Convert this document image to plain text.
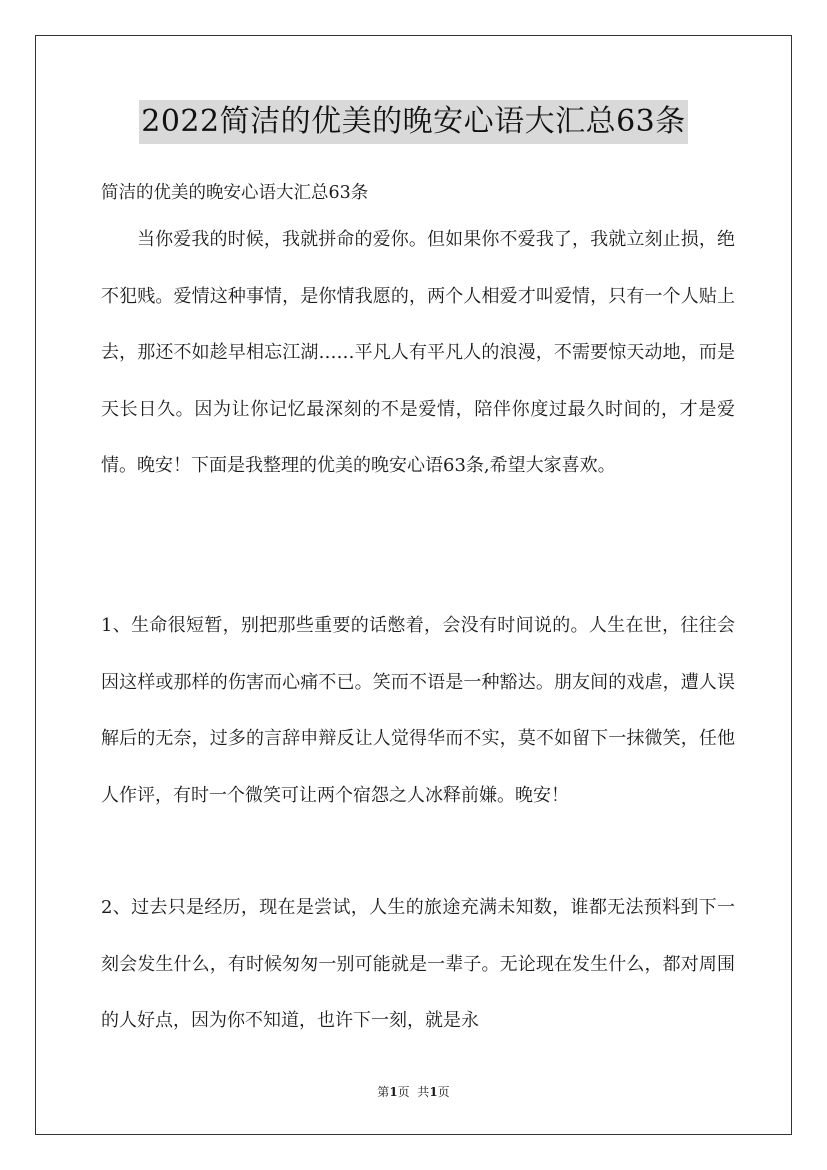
2022简洁的优美的晚安心语大汇总63条
简洁的优美的晚安心语大汇总63条

当你爱我的时候，我就拼命的爱你。但如果你不爱我了，我就立刻止损，绝不犯贱。爱情这种事情，是你情我愿的，两个人相爱才叫爱情，只有一个人贴上去，那还不如趁早相忘江湖……平凡人有平凡人的浪漫，不需要惊天动地，而是天长日久。因为让你记忆最深刻的不是爱情，陪伴你度过最久时间的，才是爱情。晚安！下面是我整理的优美的晚安心语63条,希望大家喜欢。

1、生命很短暂，别把那些重要的话憋着，会没有时间说的。人生在世，往往会因这样或那样的伤害而心痛不已。笑而不语是一种豁达。朋友间的戏虐，遭人误解后的无奈，过多的言辞申辩反让人觉得华而不实，莫不如留下一抹微笑，任他人作评，有时一个微笑可让两个宿怨之人冰释前嫌。晚安！

2、过去只是经历，现在是尝试，人生的旅途充满未知数，谁都无法预料到下一刻会发生什么，有时候匆匆一别可能就是一辈子。无论现在发生什么，都对周围的人好点，因为你不知道，也许下一刻，就是永

第1页  共1页
